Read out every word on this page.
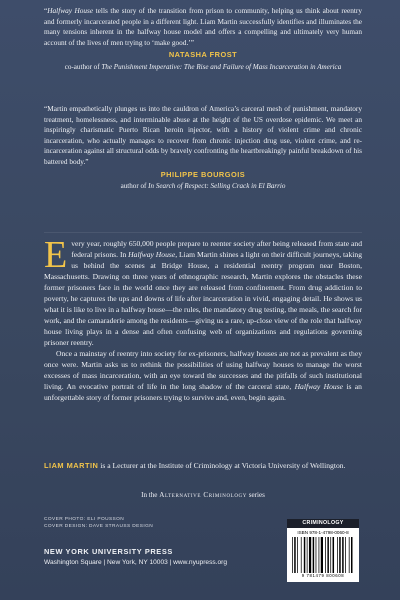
“Halfway House tells the story of the transition from prison to community, helping us think about reentry and formerly incarcerated people in a different light. Liam Martin successfully identifies and illuminates the many tensions inherent in the halfway house model and offers a compelling and ultimately very human account of the lives of men trying to ‘make good.’”
NATASHA FROST
co-author of The Punishment Imperative: The Rise and Failure of Mass Incarceration in America
“Martin empathetically plunges us into the cauldron of America’s carceral mesh of punishment, mandatory treatment, homelessness, and interminable abuse at the height of the US overdose epidemic. We meet an inspiringly charismatic Puerto Rican heroin injector, with a history of violent crime and chronic incarceration, who actually manages to recover from chronic injection drug use, violent crime, and re-incarceration against all structural odds by bravely confronting the heartbreakingly painful breakdown of his battered body.”
PHILIPPE BOURGOIS
author of In Search of Respect: Selling Crack in El Barrio

Every year, roughly 650,000 people prepare to reenter society after being released from state and federal prisons. In Halfway House, Liam Martin shines a light on their difficult journeys, taking us behind the scenes at Bridge House, a residential reentry program near Boston, Massachusetts. Drawing on three years of ethnographic research, Martin explores the obstacles these former prisoners face in the world once they are released from confinement. From drug addiction to poverty, he captures the ups and downs of life after incarceration in vivid, engaging detail. He shows us what it is like to live in a halfway house—the rules, the mandatory drug testing, the meals, the search for work, and the camaraderie among the residents—giving us a rare, up-close view of the role that halfway house living plays in a dense and often confusing web of organizations and regulations governing prisoner reentry.

Once a mainstay of reentry into society for ex-prisoners, halfway houses are not as prevalent as they once were. Martin asks us to rethink the possibilities of using halfway houses to manage the worst excesses of mass incarceration, with an eye toward the successes and the pitfalls of such institutional living. An evocative portrait of life in the long shadow of the carceral state, Halfway House is an unforgettable story of former prisoners trying to survive and, even, begin again.

LIAM MARTIN is a Lecturer at the Institute of Criminology at Victoria University of Wellington.
In the Alternative Criminology series
COVER PHOTO: ELI POUSSON
COVER DESIGN: DAVE STRAUSS DESIGN
NEW YORK UNIVERSITY PRESS
Washington Square | New York, NY 10003 | www.nyupress.org
CRIMINOLOGY
ISBN 978-1-4798-0060-8
9 781479 800608
